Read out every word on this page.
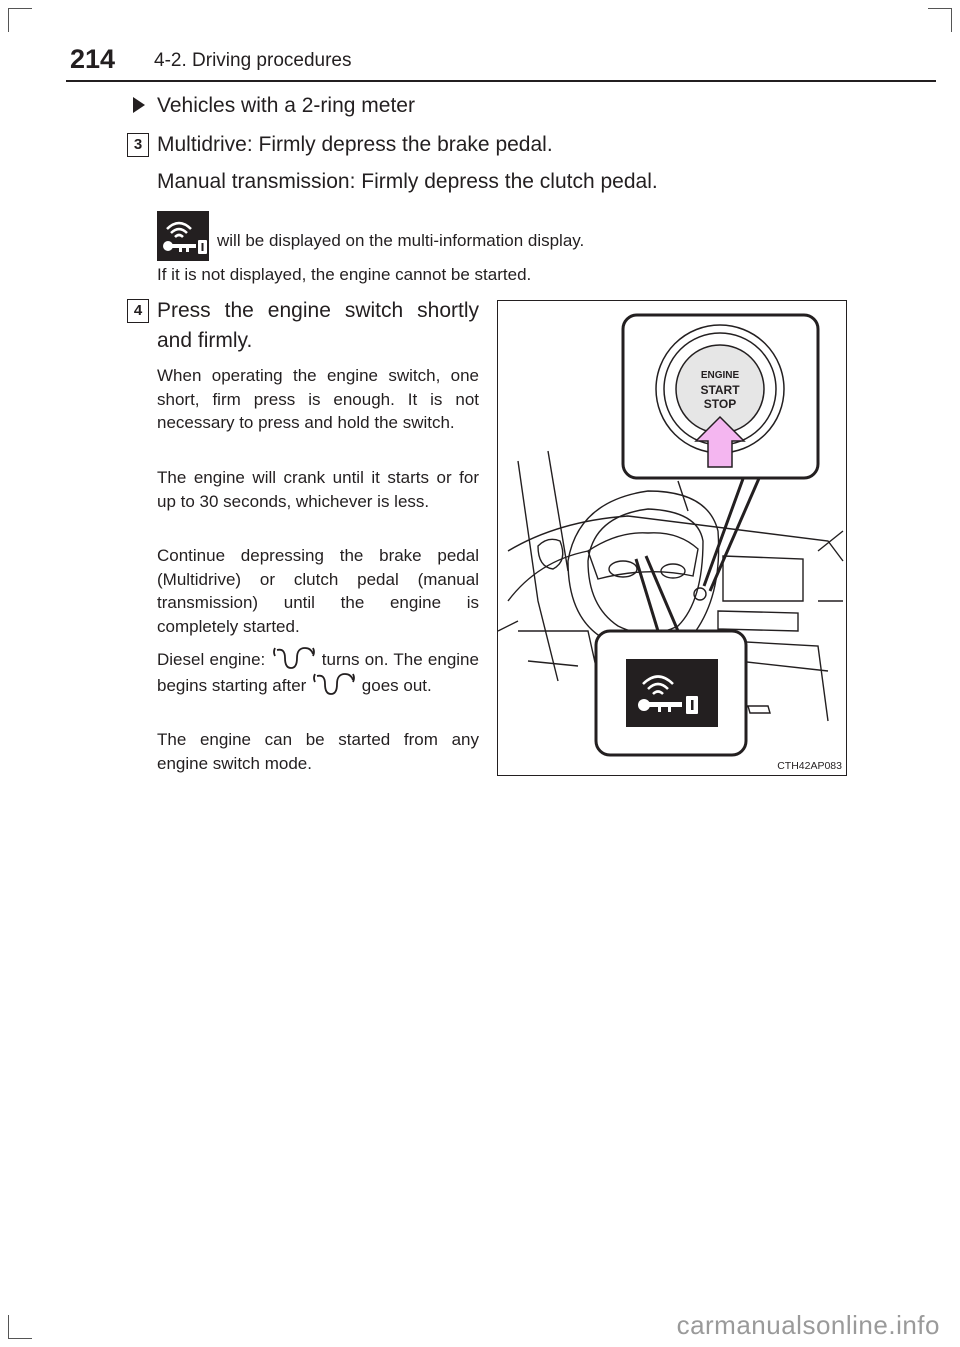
214 4-2. Driving procedures
Vehicles with a 2-ring meter
3 Multidrive: Firmly depress the brake pedal.
Manual transmission: Firmly depress the clutch pedal.
will be displayed on the multi-information display.
If it is not displayed, the engine cannot be started.
4 Press the engine switch shortly and firmly.
When operating the engine switch, one short, firm press is enough. It is not necessary to press and hold the switch.
The engine will crank until it starts or for up to 30 seconds, whichever is less.
Continue depressing the brake pedal (Multidrive) or clutch pedal (manual transmission) until the engine is completely started.
Diesel engine:	turns on. The engine begins starting after	goes out.
The engine can be started from any engine switch mode.
ENGINE
START
STOP
CTH42AP083
carmanualsonline.info
